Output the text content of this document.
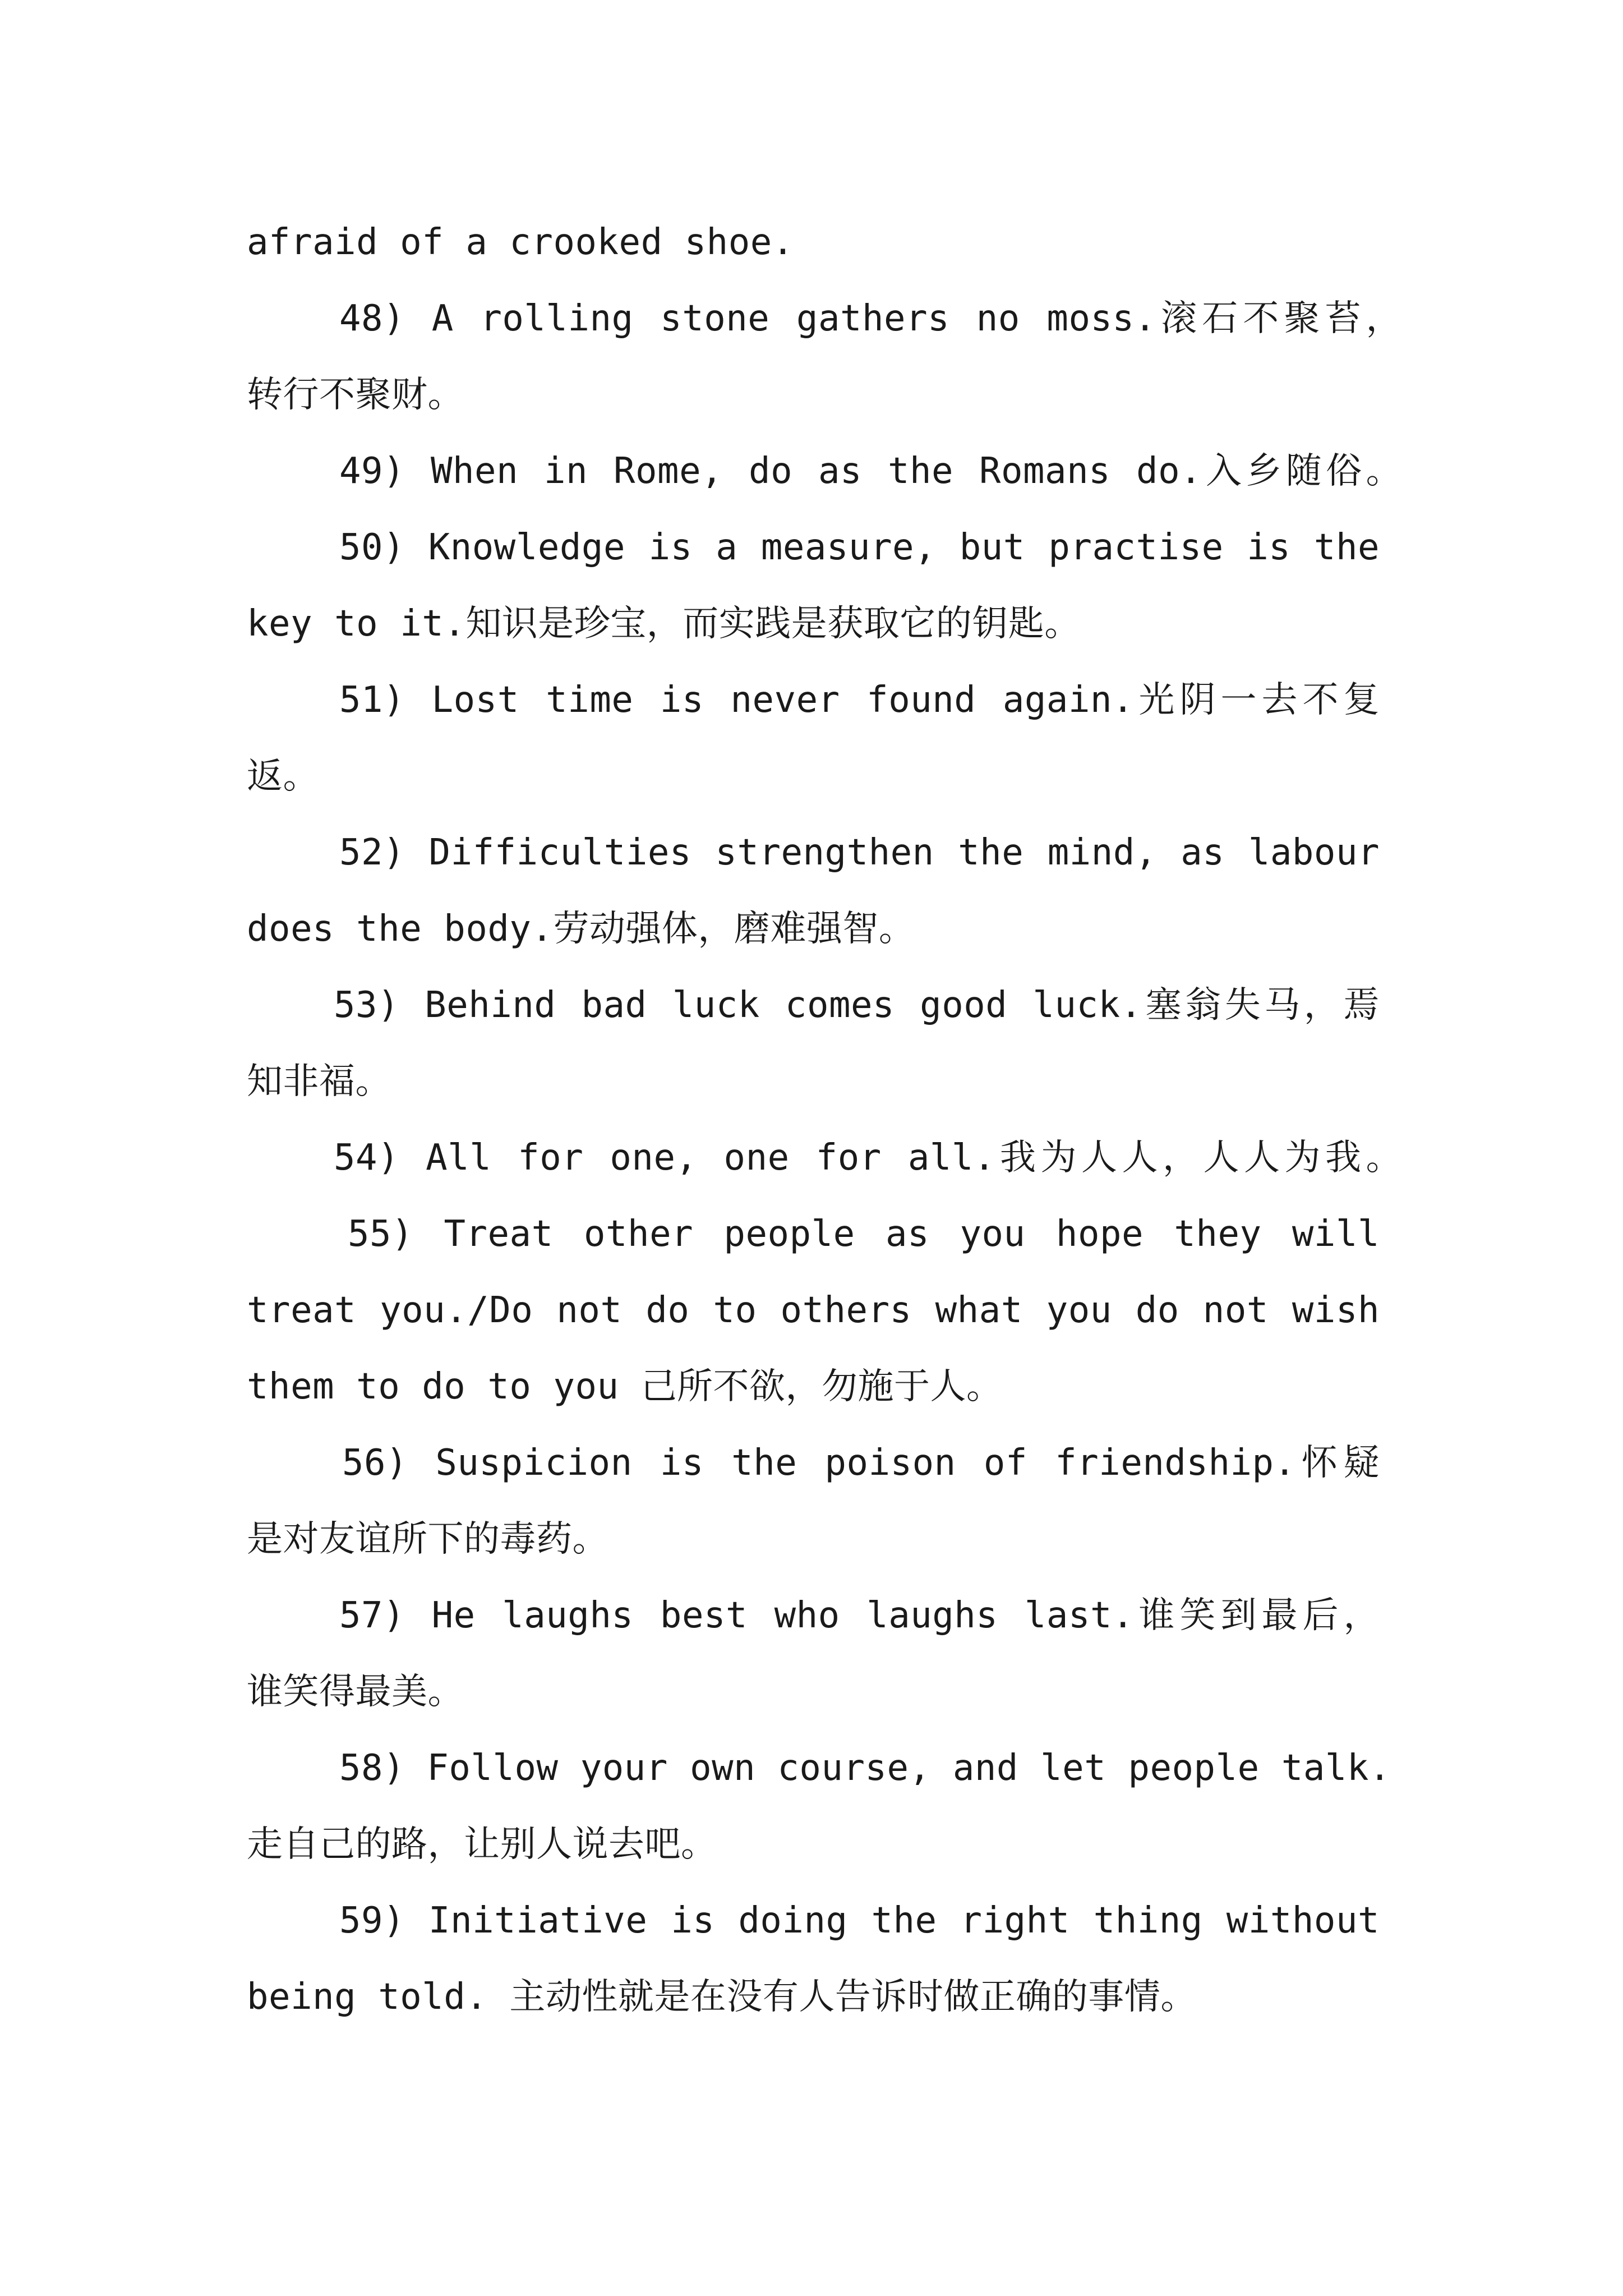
afraid of a crooked shoe.
48) A rolling stone gathers no moss.滚石不聚苔，
转行不聚财。
49) When in Rome, do as the Romans do.入乡随俗。
50) Knowledge is a measure, but practise is the
key to it.知识是珍宝，而实践是获取它的钥匙。
51) Lost time is never found again.光阴一去不复
返。
52) Difficulties strengthen the mind, as labour
does the body.劳动强体，磨难强智。
53) Behind bad luck comes good luck.塞翁失马，焉
知非福。
54) All for one, one for all.我为人人，人人为我。
55) Treat other people as you hope they will
treat you./Do not do to others what you do not wish
them to do to you 己所不欲，勿施于人。
56) Suspicion is the poison of friendship.怀疑
是对友谊所下的毒药。
57) He laughs best who laughs last.谁笑到最后，
谁笑得最美。
58) Follow your own course, and let people talk.
走自己的路，让别人说去吧。
59) Initiative is doing the right thing without
being told. 主动性就是在没有人告诉时做正确的事情。
